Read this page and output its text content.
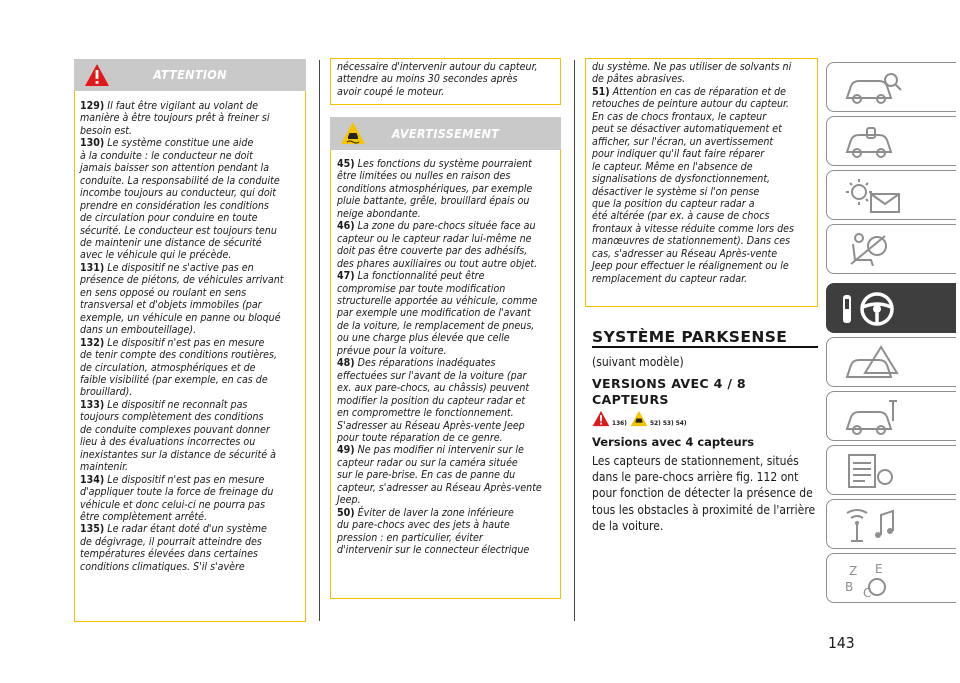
ATTENTION

129) Il faut être vigilant au volant de
manière à être toujours prêt à freiner si
besoin est.

130) Le système constitue une aide
à la conduite : le conducteur ne doit
jamais baisser son attention pendant la
conduite. La responsabilité de la conduite
incombe toujours au conducteur, qui doit
prendre en considération les conditions
de circulation pour conduire en toute
sécurité. Le conducteur est toujours tenu
de maintenir une distance de sécurité
avec le véhicule qui le précède.

131) Le dispositif ne s'active pas en
présence de piétons, de véhicules arrivant
en sens opposé ou roulant en sens
transversal et d'objets immobiles (par
exemple, un véhicule en panne ou bloqué
dans un embouteillage).

132) Le dispositif n'est pas en mesure
de tenir compte des conditions routières,
de circulation, atmosphériques et de
faible visibilité (par exemple, en cas de
brouillard).

133) Le dispositif ne reconnaît pas
toujours complètement des conditions
de conduite complexes pouvant donner
lieu à des évaluations incorrectes ou
inexistantes sur la distance de sécurité à
maintenir.

134) Le dispositif n'est pas en mesure
d'appliquer toute la force de freinage du
véhicule et donc celui-ci ne pourra pas
être complètement arrêté.

135) Le radar étant doté d'un système
de dégivrage, il pourrait atteindre des
températures élevées dans certaines
conditions climatiques. S'il s'avère

nécessaire d'intervenir autour du capteur,
attendre au moins 30 secondes après
avoir coupé le moteur.
AVERTISSEMENT

45) Les fonctions du système pourraient
être limitées ou nulles en raison des
conditions atmosphériques, par exemple
pluie battante, grêle, brouillard épais ou
neige abondante.

46) La zone du pare-chocs située face au
capteur ou le capteur radar lui-même ne
doit pas être couverte par des adhésifs,
des phares auxiliaires ou tout autre objet.

47) La fonctionnalité peut être
compromise par toute modification
structurelle apportée au véhicule, comme
par exemple une modification de l'avant
de la voiture, le remplacement de pneus,
ou une charge plus élevée que celle
prévue pour la voiture.

48) Des réparations inadéquates
effectuées sur l'avant de la voiture (par
ex. aux pare-chocs, au châssis) peuvent
modifier la position du capteur radar et
en compromettre le fonctionnement.
S'adresser au Réseau Après-vente Jeep
pour toute réparation de ce genre.

49) Ne pas modifier ni intervenir sur le
capteur radar ou sur la caméra située
sur le pare-brise. En cas de panne du
capteur, s'adresser au Réseau Après-vente
Jeep.

50) Éviter de laver la zone inférieure
du pare-chocs avec des jets à haute
pression : en particulier, éviter
d'intervenir sur le connecteur électrique

du système. Ne pas utiliser de solvants ni
de pâtes abrasives.

51) Attention en cas de réparation et de
retouches de peinture autour du capteur.
En cas de chocs frontaux, le capteur
peut se désactiver automatiquement et
afficher, sur l'écran, un avertissement
pour indiquer qu'il faut faire réparer
le capteur. Même en l'absence de
signalisations de dysfonctionnement,
désactiver le système si l'on pense
que la position du capteur radar a
été altérée (par ex. à cause de chocs
frontaux à vitesse réduite comme lors des
manœuvres de stationnement). Dans ces
cas, s'adresser au Réseau Après-vente
Jeep pour effectuer le réalignement ou le
remplacement du capteur radar.

SYSTÈME PARKSENSE
(suivant modèle)
VERSIONS AVEC 4 / 8
CAPTEURS
136)	52) 53) 54)
Versions avec 4 capteurs
Les capteurs de stationnement, situés
dans le pare-chocs arrière fig. 112 ont
pour fonction de détecter la présence de
tous les obstacles à proximité de l'arrière
de la voiture.
Z E
B C
143
